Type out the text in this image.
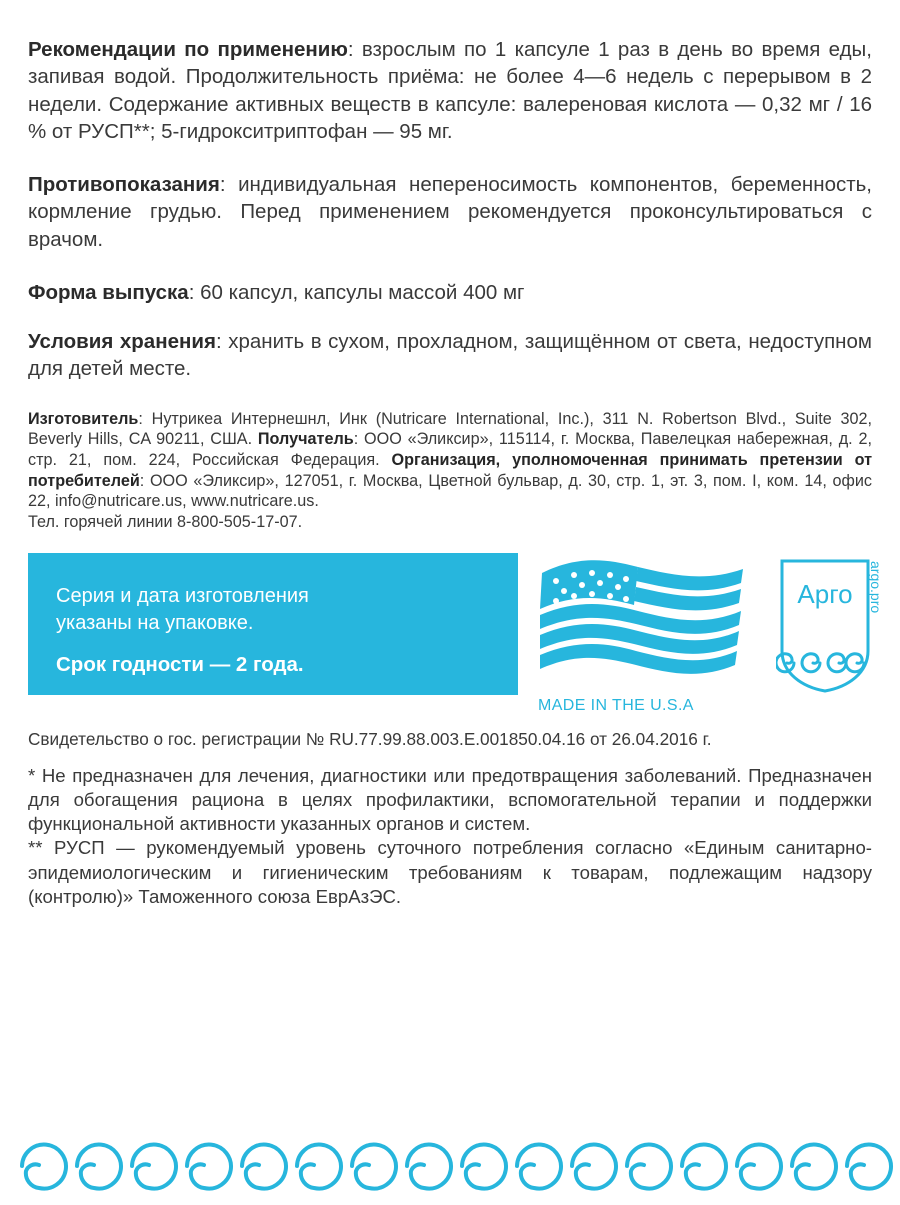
Рекомендации по применению: взрослым по 1 капсуле 1 раз в день во время еды, запивая водой. Продолжительность приёма: не более 4—6 недель с перерывом в 2 недели. Содержание активных веществ в капсуле: валереновая кислота — 0,32 мг / 16 % от РУСП**; 5-гидрокситриптофан — 95 мг.
Противопоказания: индивидуальная непереносимость компонентов, беременность, кормление грудью. Перед применением рекомендуется проконсультироваться с врачом.
Форма выпуска: 60 капсул, капсулы массой 400 мг
Условия хранения: хранить в сухом, прохладном, защищённом от света, недоступном для детей месте.
Изготовитель: Нутрикеа Интернешнл, Инк (Nutricare International, Inc.), 311 N. Robertson Blvd., Suite 302, Beverly Hills, CA 90211, США. Получатель: ООО «Эликсир», 115114, г. Москва, Павелецкая набережная, д. 2, стр. 21, пом. 224, Российская Федерация. Организация, уполномоченная принимать претензии от потребителей: ООО «Эликсир», 127051, г. Москва, Цветной бульвар, д. 30, стр. 1, эт. 3, пом. I, ком. 14, офис 22, info@nutricare.us, www.nutricare.us.
Тел. горячей линии 8-800-505-17-07.
Серия и дата изготовления
указаны на упаковке.
Срок годности — 2 года.
MADE IN THE U.S.A
Арго argo.pro
Свидетельство о гос. регистрации № RU.77.99.88.003.Е.001850.04.16 от 26.04.2016 г.

* Не предназначен для лечения, диагностики или предотвращения заболеваний. Предназначен для обогащения рациона в целях профилактики, вспомогательной терапии и поддержки функциональной активности указанных органов и систем.

** РУСП — рукомендуемый уровень суточного потребления согласно «Единым санитарно-эпидемиологическим и гигиеническим требованиям к товарам, подлежащим надзору (контролю)» Таможенного союза ЕврАзЭС.
